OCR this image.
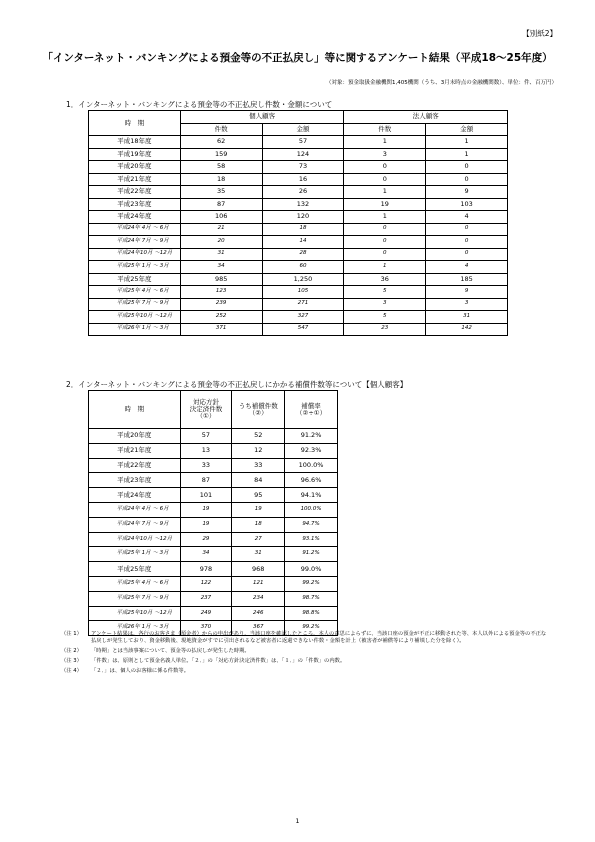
【別紙2】
「インターネット・バンキングによる預金等の不正払戻し」等に関するアンケート結果（平成18～25年度）
（対象：預金取扱金融機関1,405機関（うち、3月末時点の金融機関数）、単位：件、百万円）
1．インターネット・バンキングによる預金等の不正払戻し件数・金額について
時　期		個人顧客		法人顧客	
		件数	金額	件数	金額
平成18年度		62	57	1	1
平成19年度		159	124	3	1
平成20年度		58	73	0	0
平成21年度		18	16	0	0
平成22年度		35	26	1	9
平成23年度		87	132	19	103
平成24年度		106	120	1	4
	平成24年 4月 ～ 6月	21	18	0	0
	平成24年 7月 ～ 9月	20	14	0	0
	平成24年10月 ～12月	31	28	0	0
	平成25年 1月 ～ 3月	34	60	1	4
平成25年度		985	1,250	36	185
	平成25年 4月 ～ 6月	123	105	5	9
	平成25年 7月 ～ 9月	239	271	3	3
	平成25年10月 ～12月	252	327	5	31
	平成26年 1月 ～ 3月	371	547	23	142
2．インターネット・バンキングによる預金等の不正払戻しにかかる補償件数等について【個人顧客】
時　期		対応方針
決定済件数
（①）	うち補償件数
（②）	補償率
（②÷①）
平成20年度		57	52	91.2%
平成21年度		13	12	92.3%
平成22年度		33	33	100.0%
平成23年度		87	84	96.6%
平成24年度		101	95	94.1%
	平成24年 4月 ～ 6月	19	19	100.0%
	平成24年 7月 ～ 9月	19	18	94.7%
	平成24年10月 ～12月	29	27	93.1%
	平成25年 1月 ～ 3月	34	31	91.2%
平成25年度		978	968	99.0%
	平成25年 4月 ～ 6月	122	121	99.2%
	平成25年 7月 ～ 9月	237	234	98.7%
	平成25年10月 ～12月	249	246	98.8%
	平成26年 1月 ～ 3月	370	367	99.2%
（注 1）	アンケート結果は、各行のお客さま（預金者）からの申出があり、当該口座を確認したところ、本人の意思によらずに、当該口座の預金が不正に移動された等、本人以外による預金等の不正な払戻しが発生しており、資金移動後、現地資金がすでに引出されるなど被害者に返還できない件数・金額を計上（被害者が補償等により補填した分を除く）。
（注 2）	「時期」とは当該事案について、預金等の払戻しが発生した時期。
（注 3）	「件数」は、原則として預金名義人単位。「２．」の「対応方針決定済件数」は、「１．」の「件数」の内数。
（注 4）	「２．」は、個人のお客様に係る件数等。
1
